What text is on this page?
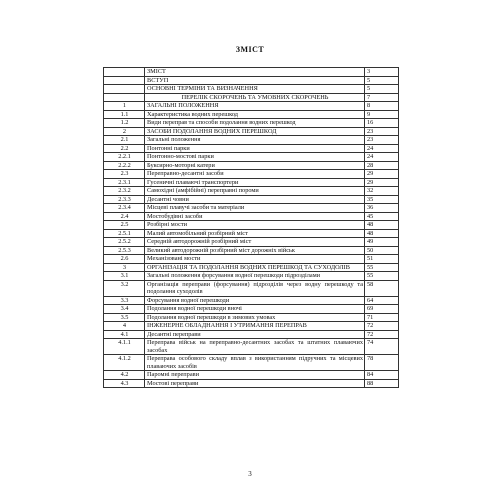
ЗМІСТ
	ЗМІСТ	3
	ВСТУП	5
	ОСНОВНІ ТЕРМІНИ ТА ВИЗНАЧЕННЯ	5
	ПЕРЕЛІК СКОРОЧЕНЬ ТА УМОВНИХ СКОРОЧЕНЬ	7
1	ЗАГАЛЬНІ ПОЛОЖЕННЯ	8
1.1	Характеристика водних перешкод	9
1.2	Види переправ та способи подолання водних перешкод	16
2	ЗАСОБИ ПОДОЛАННЯ ВОДНИХ ПЕРЕШКОД	23
2.1	Загальні положення	23
2.2	Понтонні парки	24
2.2.1	Понтонно-мостові парки	24
2.2.2	Буксирно-моторні катери	28
2.3	Переправно-десантні засоби	29
2.3.1	Гусеничні плаваючі транспортери	29
2.3.2	Самохідні (амфібійні) переправні пороми	32
2.3.3	Десантні човни	35
2.3.4	Місцеві плавучі засоби та матеріали	36
2.4	Мостобудівні засоби	45
2.5	Розбірні мости	48
2.5.1	Малий автомобільний розбірний міст	48
2.5.2	Середній автодорожній розбірний міст	49
2.5.3	Великий автодорожній розбірний міст дорожніх військ	50
2.6	Механізовані мости	51
3	ОРГАНІЗАЦІЯ ТА ПОДОЛАННЯ ВОДНИХ ПЕРЕШКОД ТА СУХОДОЛІВ	55
3.1	Загальні положення форсування водної перешкоди підрозділами	55
3.2	Організація переправи (форсування) підрозділів через водну перешкоду та подолання суходолів	58
3.3	Форсування водної перешкоди	64
3.4	Подолання водної перешкоди вночі	69
3.5	Подолання водної перешкоди в зимових умовах	71
4	ІНЖЕНЕРНЕ ОБЛАДНАННЯ І УТРИМАННЯ ПЕРЕПРАВ	72
4.1	Десантні переправи	72
4.1.1	Переправа військ на переправно-десантних засобах та штатних плаваючих засобах	74
4.1.2	Переправа особового складу вплав з використанням підручних та місцевих плаваючих засобів	78
4.2	Паромні переправи	84
4.3	Мостові переправи	88
3
